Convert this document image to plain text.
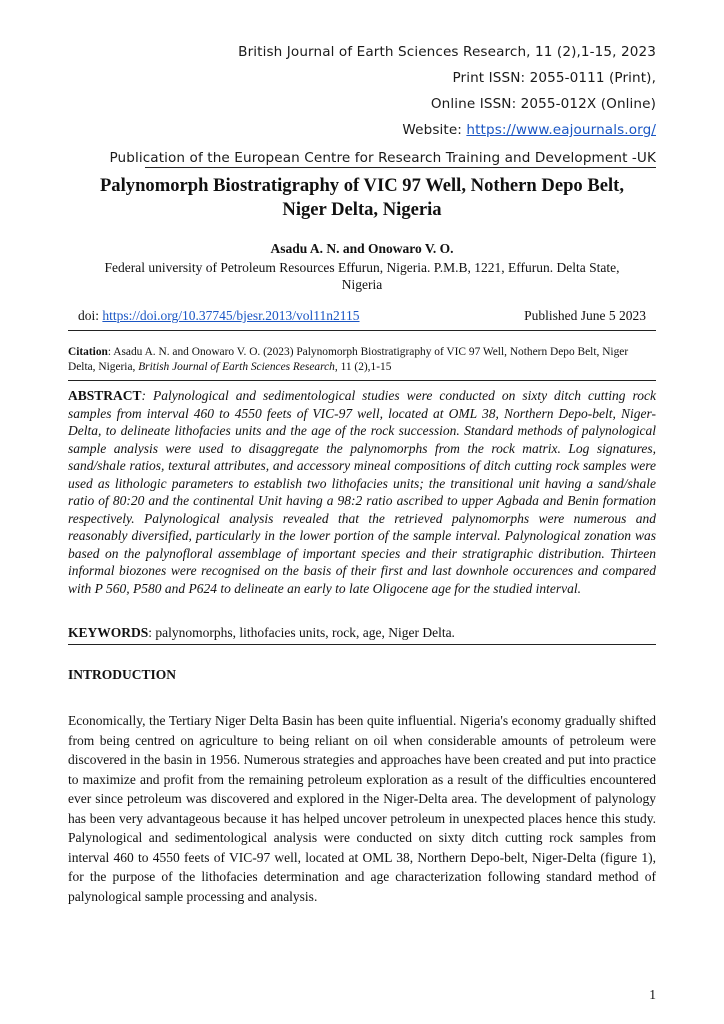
British Journal of Earth Sciences Research, 11 (2),1-15, 2023
Print ISSN: 2055-0111 (Print),
Online ISSN: 2055-012X (Online)
Website: https://www.eajournals.org/
Publication of the European Centre for Research Training and Development -UK
Palynomorph Biostratigraphy of VIC 97 Well, Nothern Depo Belt,
Niger Delta, Nigeria
Asadu A. N. and Onowaro V. O.
Federal university of Petroleum Resources Effurun, Nigeria. P.M.B, 1221, Effurun. Delta State,
Nigeria
doi: https://doi.org/10.37745/bjesr.2013/vol11n2115	Published June 5 2023
Citation: Asadu A. N. and Onowaro V. O. (2023) Palynomorph Biostratigraphy of VIC 97 Well, Nothern Depo Belt, Niger Delta, Nigeria, British Journal of Earth Sciences Research, 11 (2),1-15
ABSTRACT: Palynological and sedimentological studies were conducted on sixty ditch cutting rock samples from interval 460 to 4550 feets of VIC-97 well, located at OML 38, Northern Depo-belt, Niger-Delta, to delineate lithofacies units and the age of the rock succession. Standard methods of palynological sample analysis were used to disaggregate the palynomorphs from the rock matrix. Log signatures, sand/shale ratios, textural attributes, and accessory mineal compositions of ditch cutting rock samples were used as lithologic parameters to establish two lithofacies units; the transitional unit having a sand/shale ratio of 80:20 and the continental Unit having a 98:2 ratio ascribed to upper Agbada and Benin formation respectively. Palynological analysis revealed that the retrieved palynomorphs were numerous and reasonably diversified, particularly in the lower portion of the sample interval. Palynological zonation was based on the palynofloral assemblage of important species and their stratigraphic distribution. Thirteen informal biozones were recognised on the basis of their first and last downhole occurences and compared with P 560, P580 and P624 to delineate an early to late Oligocene age for the studied interval.
KEYWORDS: palynomorphs, lithofacies units, rock, age, Niger Delta.
INTRODUCTION
Economically, the Tertiary Niger Delta Basin has been quite influential. Nigeria's economy gradually shifted from being centred on agriculture to being reliant on oil when considerable amounts of petroleum were discovered in the basin in 1956. Numerous strategies and approaches have been created and put into practice to maximize and profit from the remaining petroleum exploration as a result of the difficulties encountered ever since petroleum was discovered and explored in the Niger-Delta area. The development of palynology has been very advantageous because it has helped uncover petroleum in unexpected places hence this study. Palynological and sedimentological analysis were conducted on sixty ditch cutting rock samples from interval 460 to 4550 feets of VIC-97 well, located at OML 38, Northern Depo-belt, Niger-Delta (figure 1), for the purpose of the lithofacies determination and age characterization following standard method of palynological sample processing and analysis.
1
